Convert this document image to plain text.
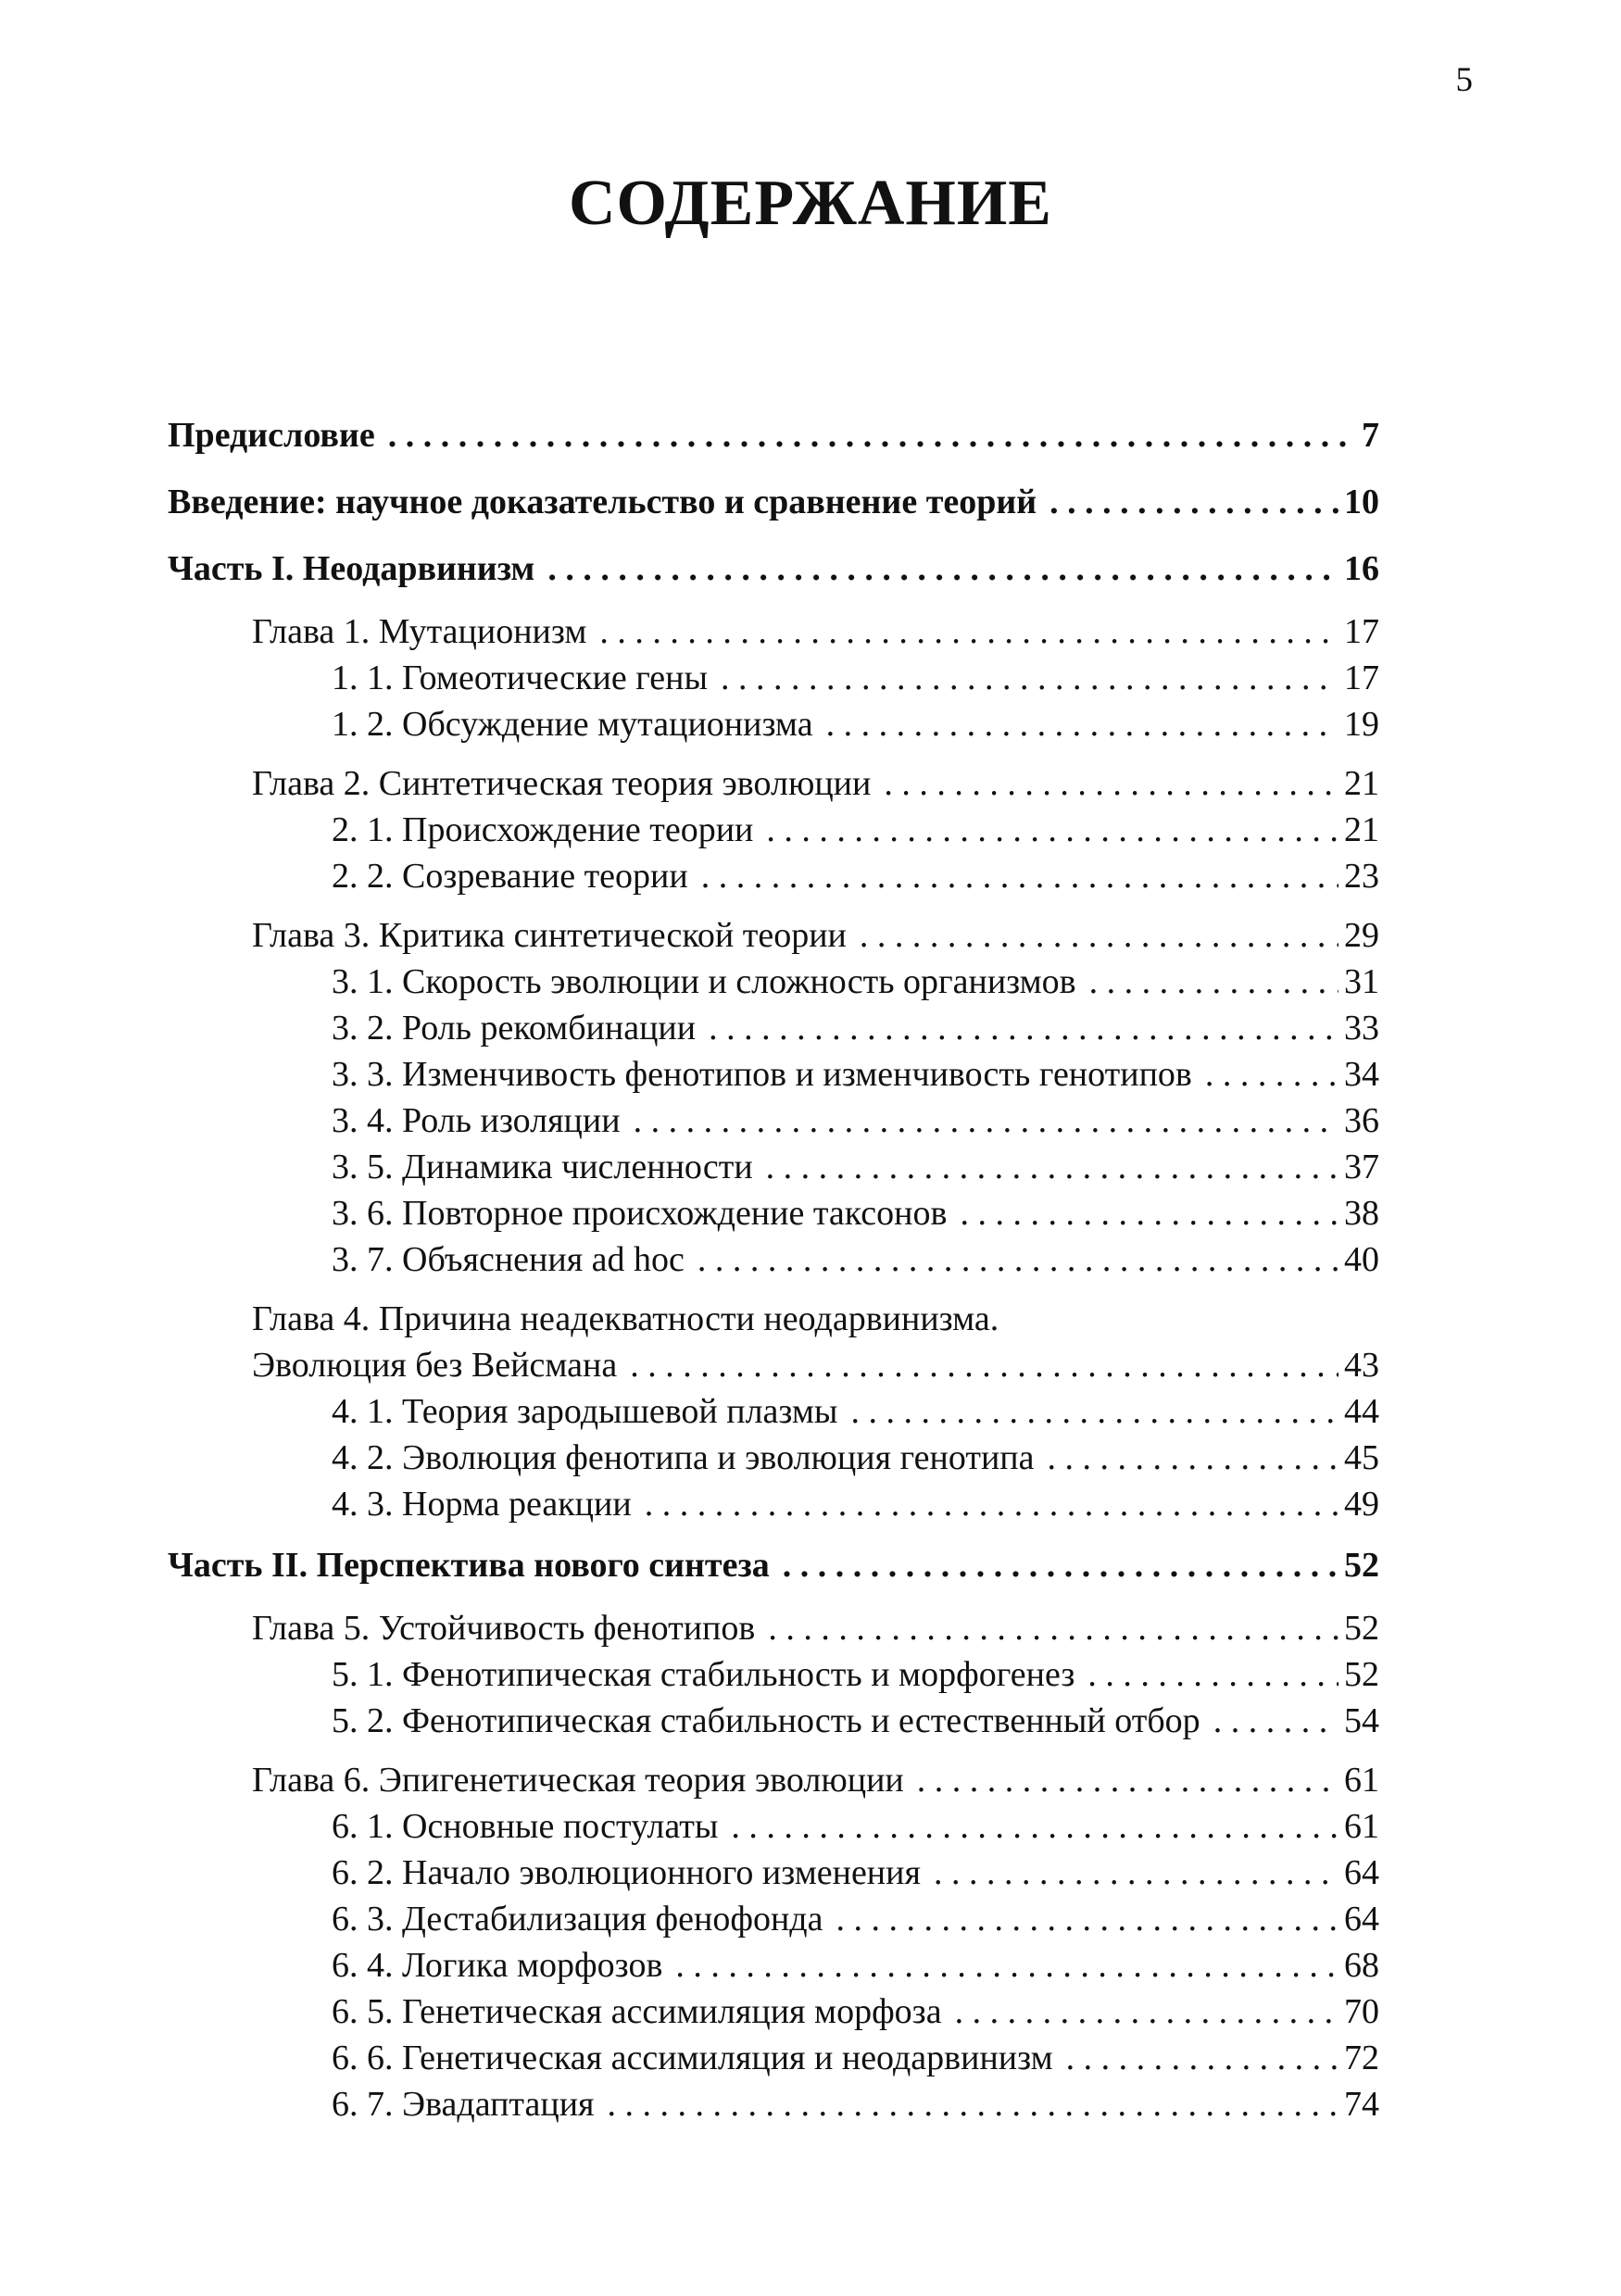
5
СОДЕРЖАНИЕ
Предисловие . . .	7
Введение: научное доказательство и сравнение теорий . . .	10
Часть I. Неодарвинизм . . .	16
Глава 1. Мутационизм . . .	17
1. 1. Гомеотические гены . . .	17
1. 2. Обсуждение мутационизма . . .	19
Глава 2. Синтетическая теория эволюции . . .	21
2. 1. Происхождение теории . . .	21
2. 2. Созревание теории . . .	23
Глава 3. Критика синтетической теории . . .	29
3. 1. Скорость эволюции и сложность организмов . . .	31
3. 2. Роль рекомбинации . . .	33
3. 3. Изменчивость фенотипов и изменчивость генотипов . . .	34
3. 4. Роль изоляции . . .	36
3. 5. Динамика численности . . .	37
3. 6. Повторное происхождение таксонов . . .	38
3. 7. Объяснения ad hoc . . .	40
Глава 4. Причина неадекватности неодарвинизма.
Эволюция без Вейсмана . . .	43
4. 1. Теория зародышевой плазмы . . .	44
4. 2. Эволюция фенотипа и эволюция генотипа . . .	45
4. 3. Норма реакции . . .	49
Часть II. Перспектива нового синтеза . . .	52
Глава 5. Устойчивость фенотипов . . .	52
5. 1. Фенотипическая стабильность и морфогенез . . .	52
5. 2. Фенотипическая стабильность и естественный отбор . . .	54
Глава 6. Эпигенетическая теория эволюции . . .	61
6. 1. Основные постулаты . . .	61
6. 2. Начало эволюционного изменения . . .	64
6. 3. Дестабилизация фенофонда . . .	64
6. 4. Логика морфозов . . .	68
6. 5. Генетическая ассимиляция морфоза . . .	70
6. 6. Генетическая ассимиляция и неодарвинизм . . .	72
6. 7. Эвадаптация . . .	74
